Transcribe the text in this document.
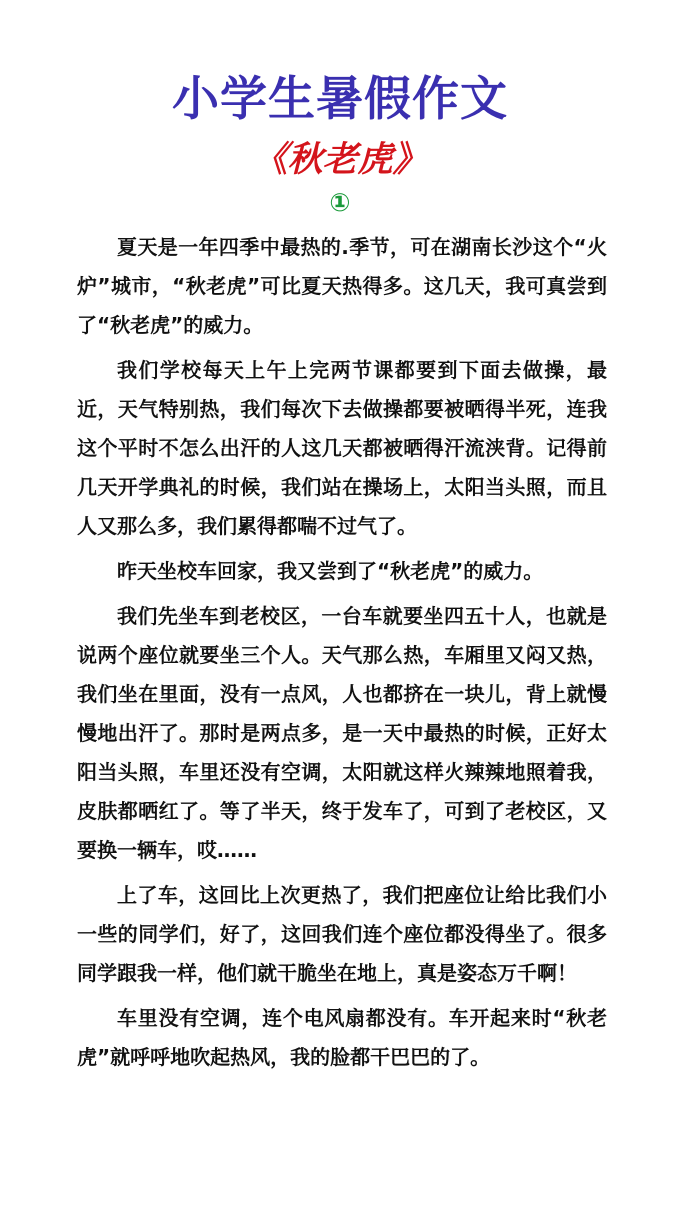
小学生暑假作文
《秋老虎》
①

夏天是一年四季中最热的.季节，可在湖南长沙这个“火炉”城市，“秋老虎”可比夏天热得多。这几天，我可真尝到了“秋老虎”的威力。

我们学校每天上午上完两节课都要到下面去做操，最近，天气特别热，我们每次下去做操都要被晒得半死，连我这个平时不怎么出汗的人这几天都被晒得汗流浃背。记得前几天开学典礼的时候，我们站在操场上，太阳当头照，而且人又那么多，我们累得都喘不过气了。

昨天坐校车回家，我又尝到了“秋老虎”的威力。

我们先坐车到老校区，一台车就要坐四五十人，也就是说两个座位就要坐三个人。天气那么热，车厢里又闷又热，我们坐在里面，没有一点风，人也都挤在一块儿，背上就慢慢地出汗了。那时是两点多，是一天中最热的时候，正好太阳当头照，车里还没有空调，太阳就这样火辣辣地照着我，皮肤都晒红了。等了半天，终于发车了，可到了老校区，又要换一辆车，哎……

上了车，这回比上次更热了，我们把座位让给比我们小一些的同学们，好了，这回我们连个座位都没得坐了。很多同学跟我一样，他们就干脆坐在地上，真是姿态万千啊！

车里没有空调，连个电风扇都没有。车开起来时“秋老虎”就呼呼地吹起热风，我的脸都干巴巴的了。
